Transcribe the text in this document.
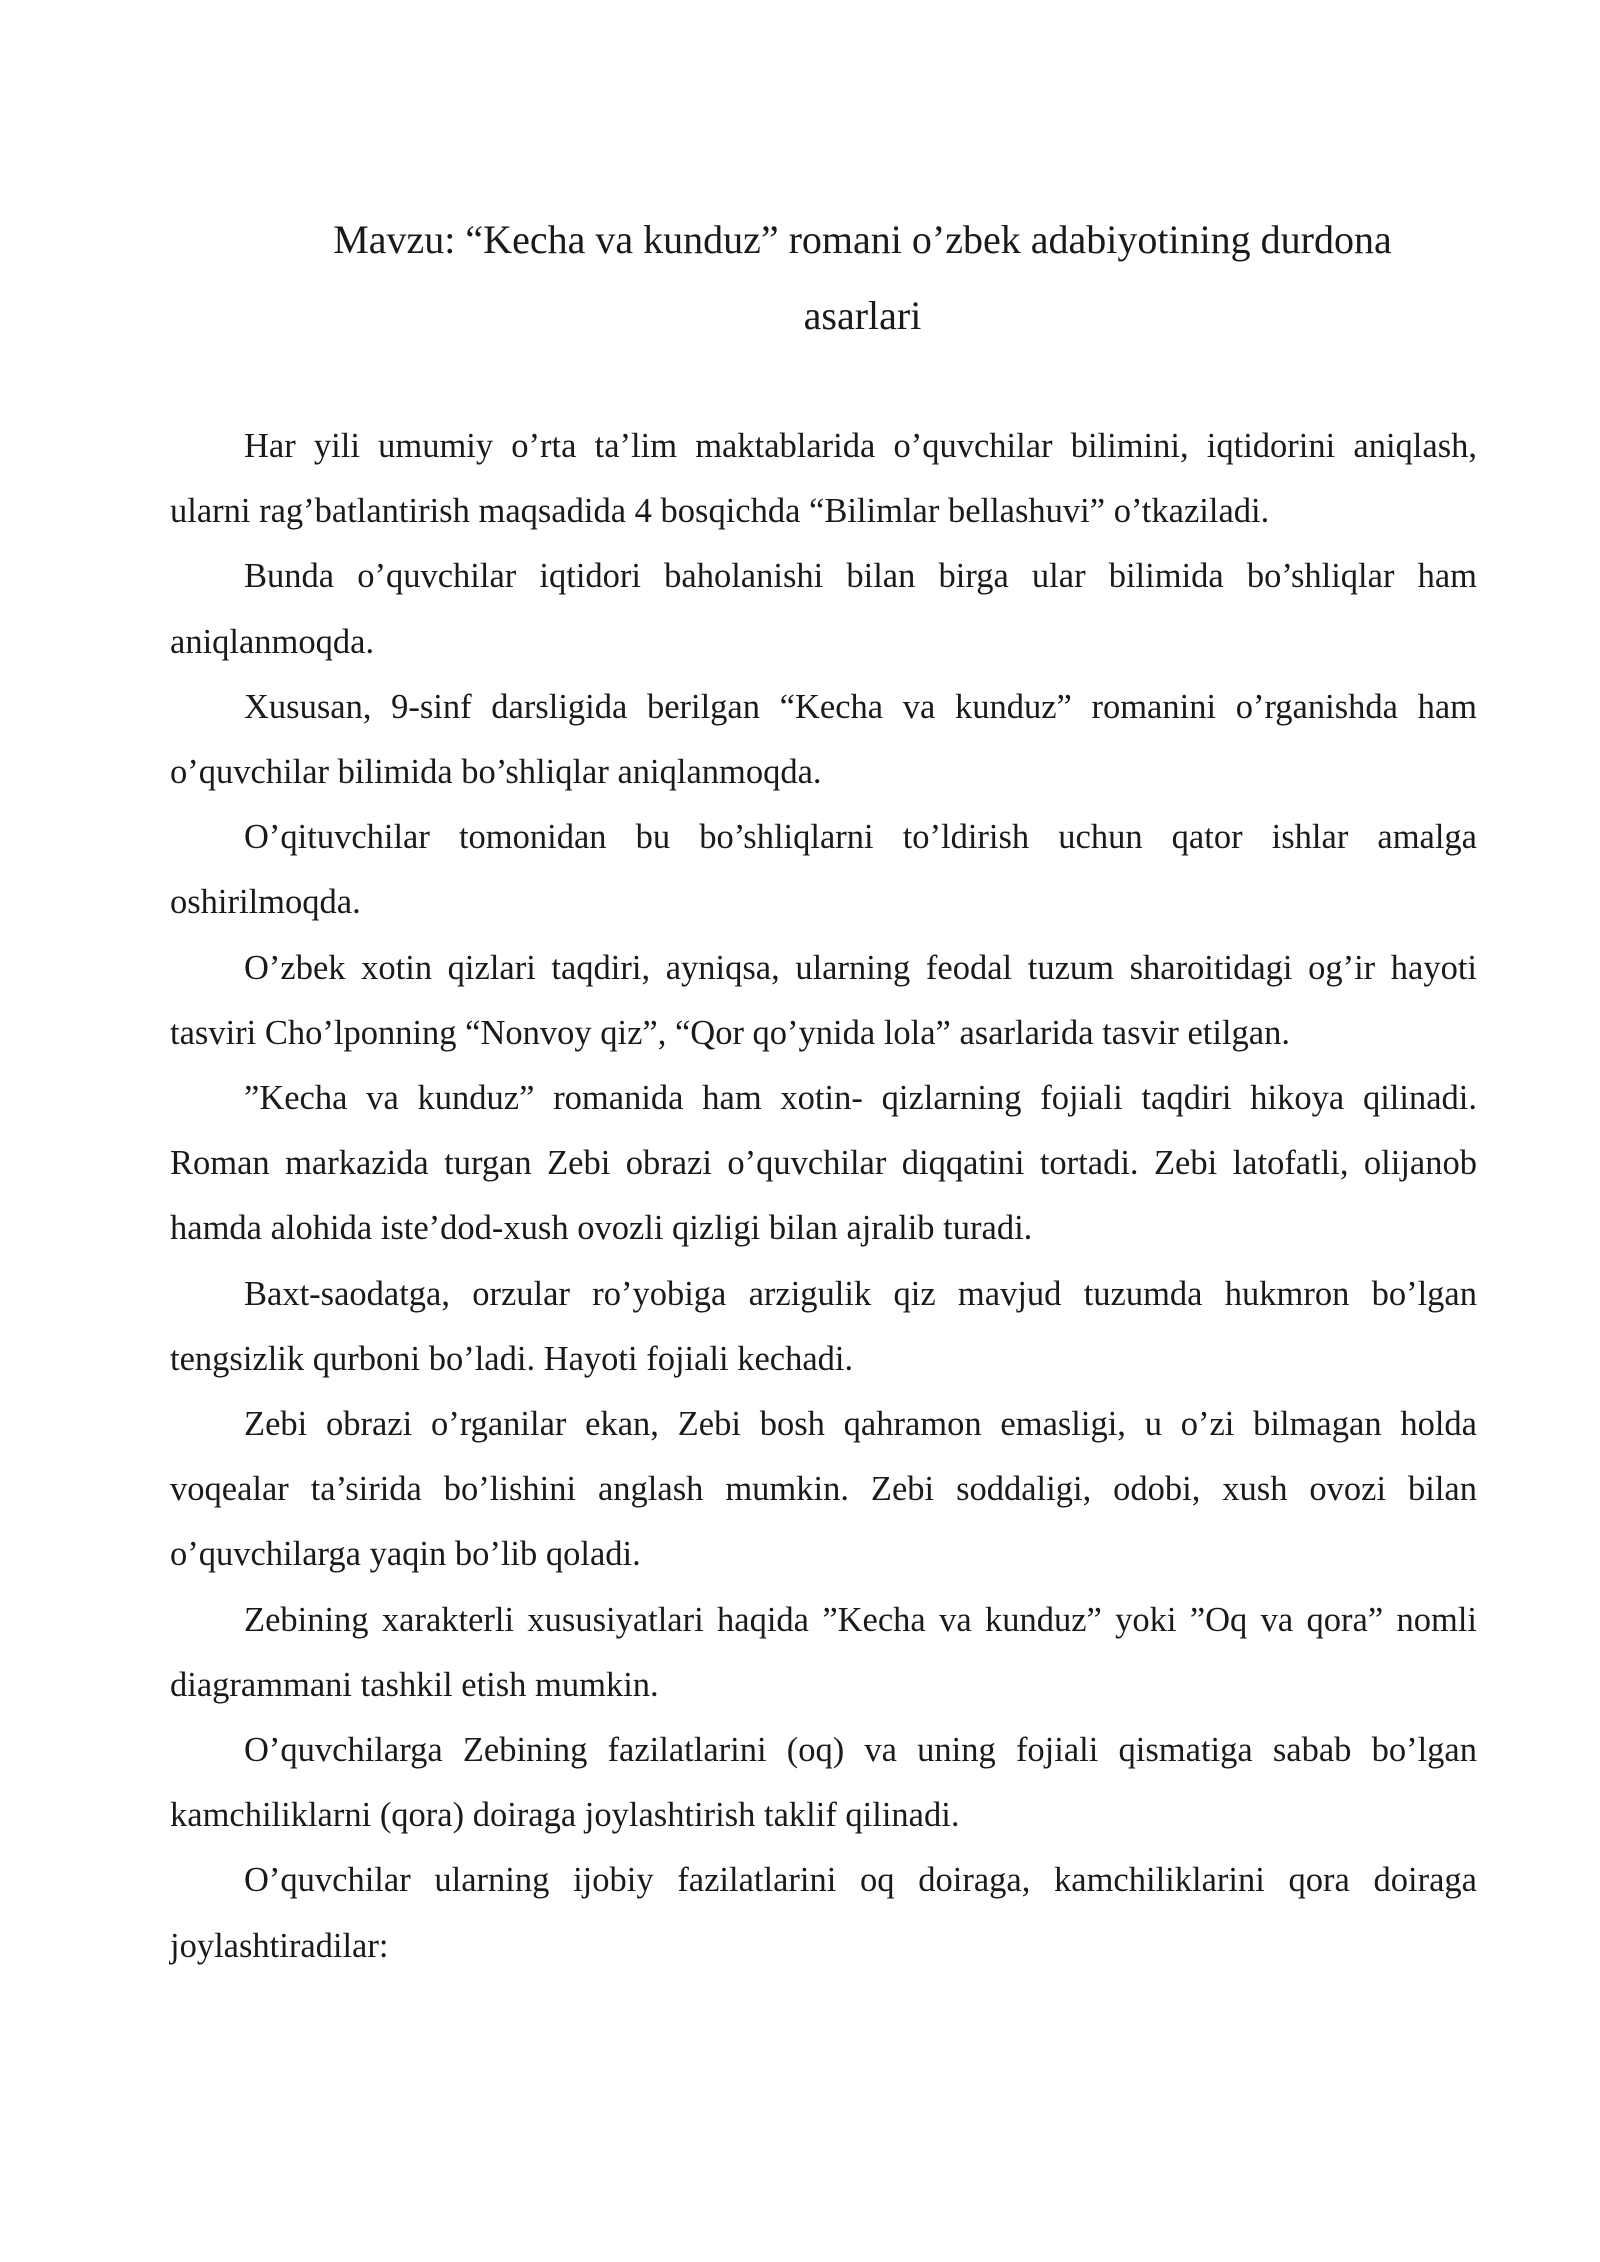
Mavzu: “Kecha va kunduz” romani o’zbek adabiyotining durdona asarlari

Har yili umumiy o’rta ta’lim maktablarida o’quvchilar bilimini, iqtidorini aniqlash, ularni rag’batlantirish maqsadida 4 bosqichda “Bilimlar bellashuvi” o’tkaziladi.

Bunda o’quvchilar iqtidori baholanishi bilan birga ular bilimida bo’shliqlar ham aniqlanmoqda.

Xususan, 9-sinf darsligida berilgan “Kecha va kunduz” romanini o’rganishda ham o’quvchilar bilimida bo’shliqlar aniqlanmoqda.

O’qituvchilar tomonidan bu bo’shliqlarni to’ldirish uchun qator ishlar amalga oshirilmoqda.

O’zbek xotin qizlari taqdiri, ayniqsa, ularning feodal tuzum sharoitidagi og’ir hayoti tasviri Cho’lponning “Nonvoy qiz”, “Qor qo’ynida lola” asarlarida tasvir etilgan.

”Kecha va kunduz” romanida ham xotin- qizlarning fojiali taqdiri hikoya qilinadi. Roman markazida turgan Zebi obrazi o’quvchilar diqqatini tortadi. Zebi latofatli, olijanob hamda alohida iste’dod-xush ovozli qizligi bilan ajralib turadi.

Baxt-saodatga, orzular ro’yobiga arzigulik qiz mavjud tuzumda hukmron bo’lgan tengsizlik qurboni bo’ladi. Hayoti fojiali kechadi.

Zebi obrazi o’rganilar ekan, Zebi bosh qahramon emasligi, u o’zi bilmagan holda voqealar ta’sirida bo’lishini anglash mumkin. Zebi soddaligi, odobi, xush ovozi bilan o’quvchilarga yaqin bo’lib qoladi.

Zebining xarakterli xususiyatlari haqida ”Kecha va kunduz” yoki ”Oq va qora” nomli diagrammani tashkil etish mumkin.

O’quvchilarga Zebining fazilatlarini (oq) va uning fojiali qismatiga sabab bo’lgan kamchiliklarni (qora) doiraga joylashtirish taklif qilinadi.

O’quvchilar ularning ijobiy fazilatlarini oq doiraga, kamchiliklarini qora doiraga joylashtiradilar:
